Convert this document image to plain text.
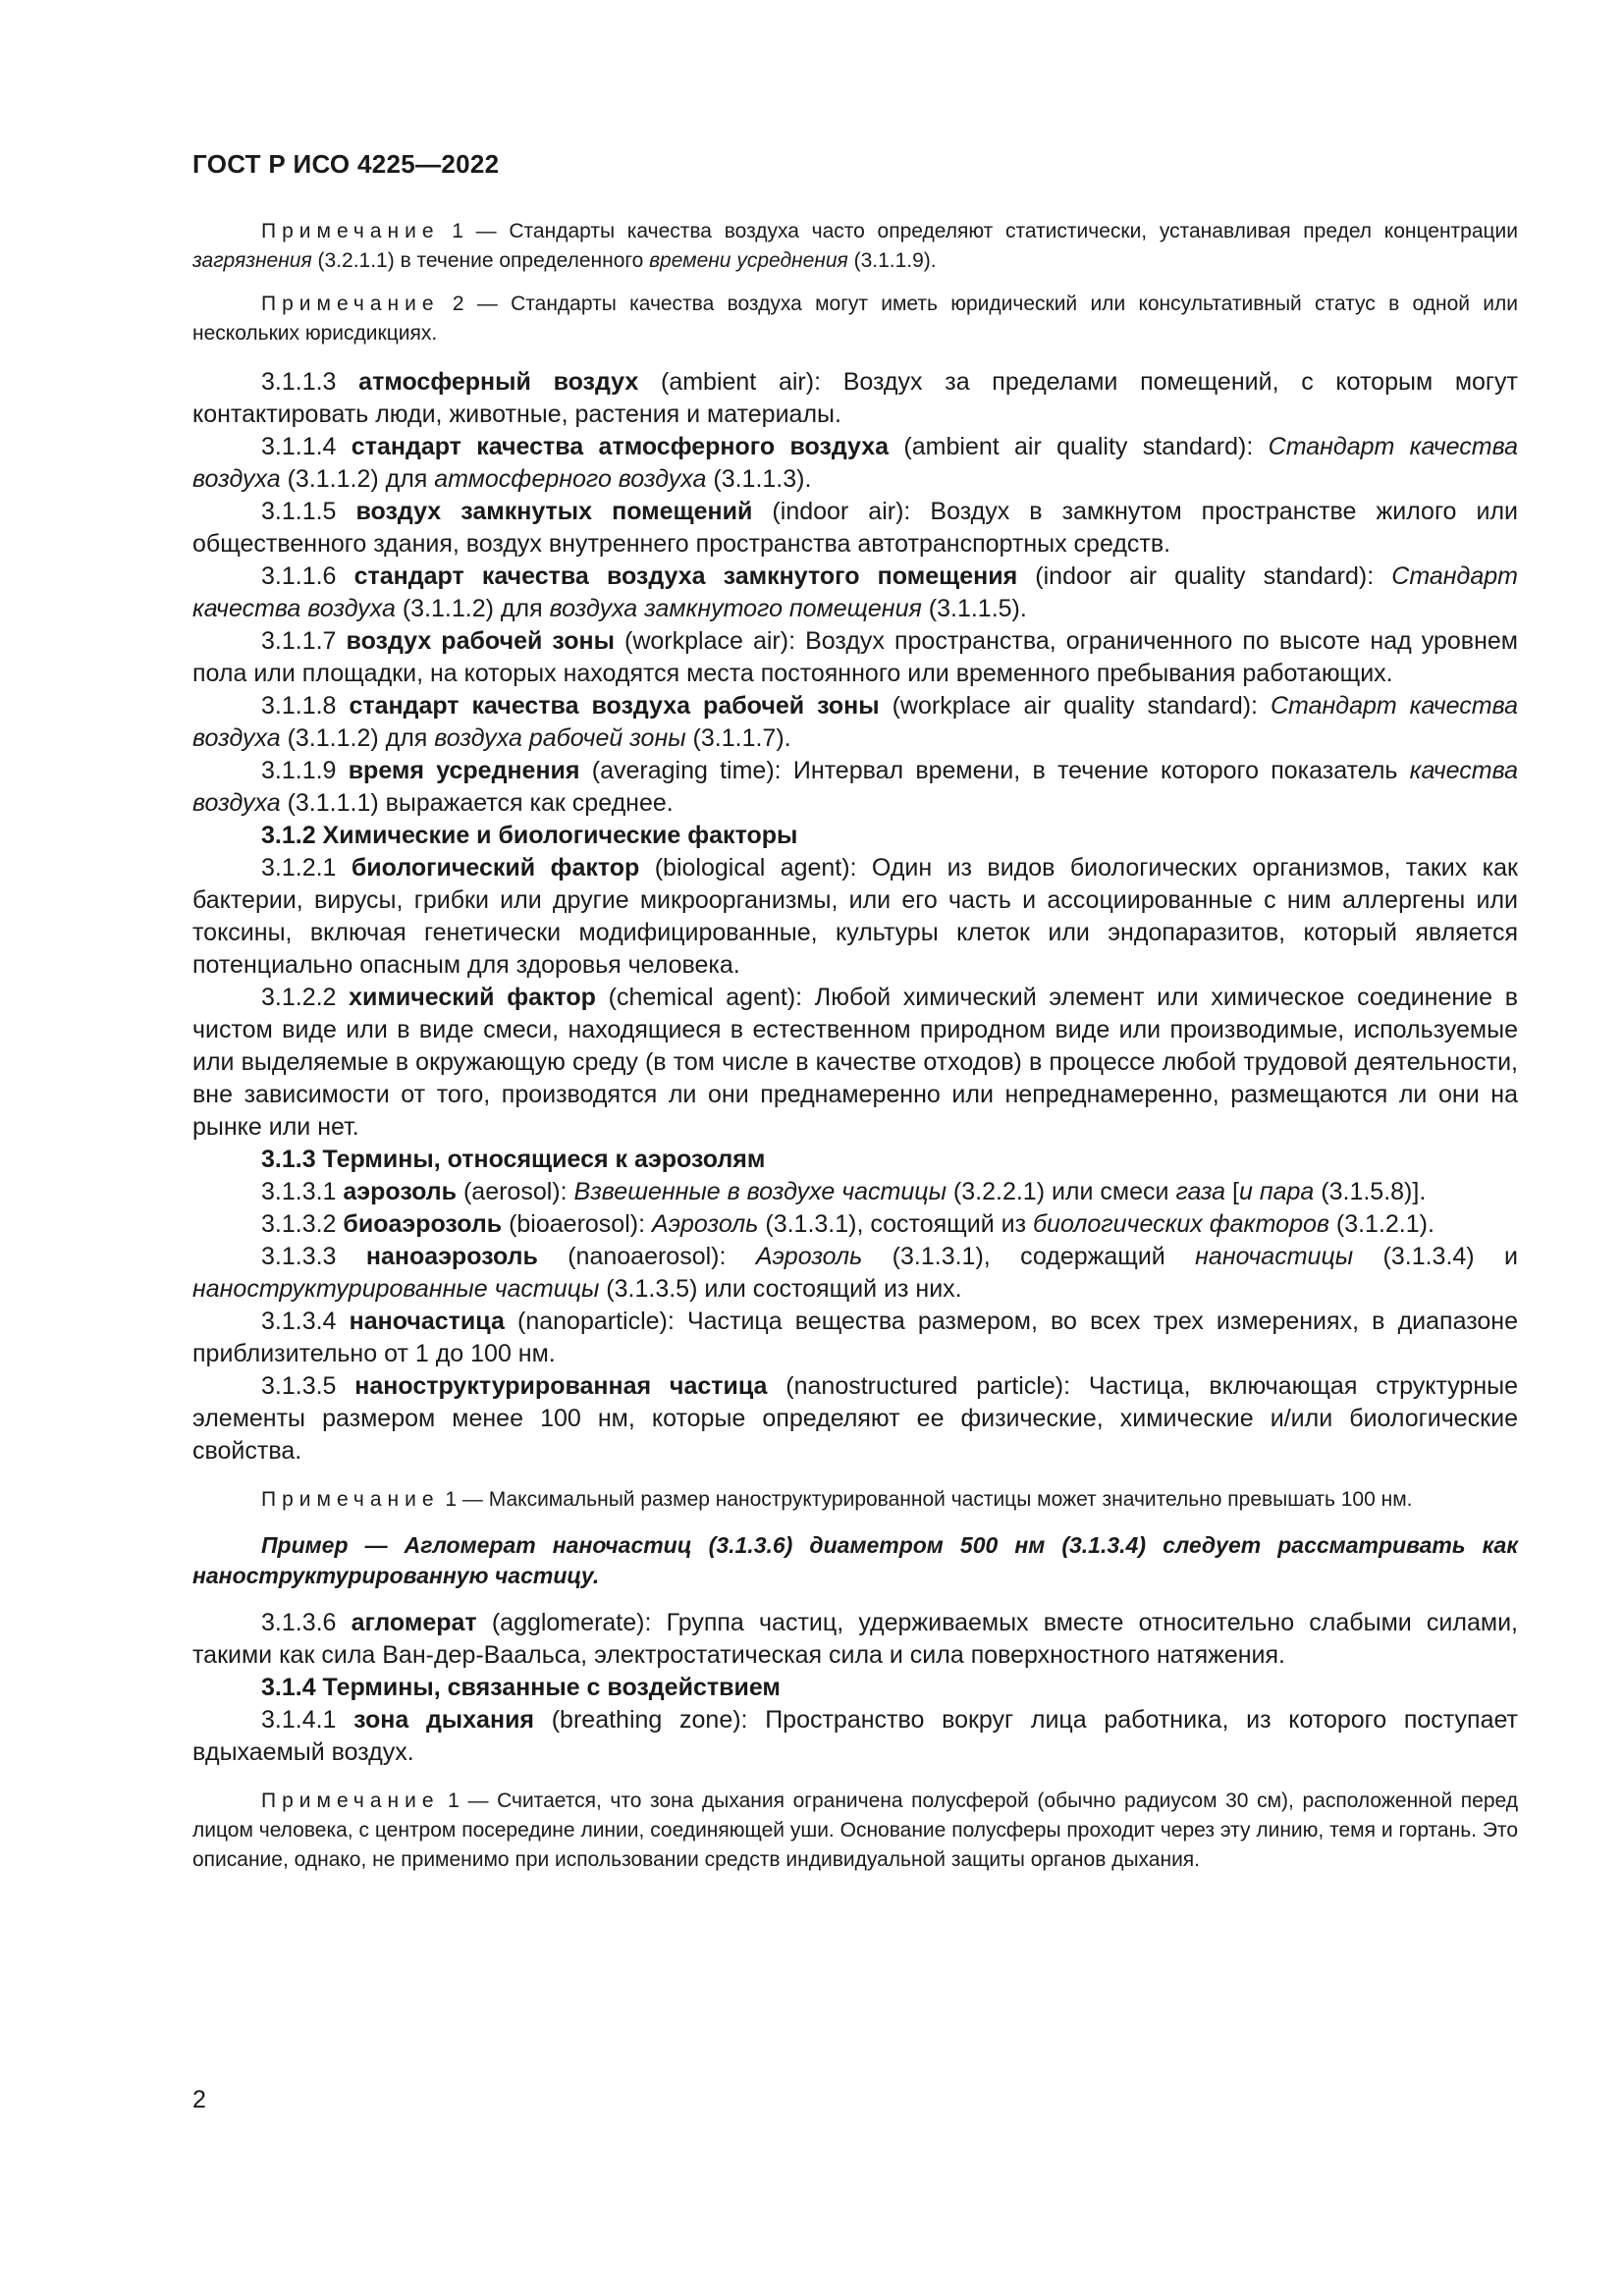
ГОСТ Р ИСО 4225—2022

Примечание 1 — Стандарты качества воздуха часто определяют статистически, устанавливая предел концентрации загрязнения (3.2.1.1) в течение определенного времени усреднения (3.1.1.9).

Примечание 2 — Стандарты качества воздуха могут иметь юридический или консультативный статус в одной или нескольких юрисдикциях.

3.1.1.3 атмосферный воздух (ambient air): Воздух за пределами помещений, с которым могут контактировать люди, животные, растения и материалы.

3.1.1.4 стандарт качества атмосферного воздуха (ambient air quality standard): Стандарт качества воздуха (3.1.1.2) для атмосферного воздуха (3.1.1.3).

3.1.1.5 воздух замкнутых помещений (indoor air): Воздух в замкнутом пространстве жилого или общественного здания, воздух внутреннего пространства автотранспортных средств.

3.1.1.6 стандарт качества воздуха замкнутого помещения (indoor air quality standard): Стандарт качества воздуха (3.1.1.2) для воздуха замкнутого помещения (3.1.1.5).

3.1.1.7 воздух рабочей зоны (workplace air): Воздух пространства, ограниченного по высоте над уровнем пола или площадки, на которых находятся места постоянного или временного пребывания работающих.

3.1.1.8 стандарт качества воздуха рабочей зоны (workplace air quality standard): Стандарт качества воздуха (3.1.1.2) для воздуха рабочей зоны (3.1.1.7).

3.1.1.9 время усреднения (averaging time): Интервал времени, в течение которого показатель качества воздуха (3.1.1.1) выражается как среднее.

3.1.2 Химические и биологические факторы

3.1.2.1 биологический фактор (biological agent): Один из видов биологических организмов, таких как бактерии, вирусы, грибки или другие микроорганизмы, или его часть и ассоциированные с ним аллергены или токсины, включая генетически модифицированные, культуры клеток или эндопаразитов, который является потенциально опасным для здоровья человека.

3.1.2.2 химический фактор (chemical agent): Любой химический элемент или химическое соединение в чистом виде или в виде смеси, находящиеся в естественном природном виде или производимые, используемые или выделяемые в окружающую среду (в том числе в качестве отходов) в процессе любой трудовой деятельности, вне зависимости от того, производятся ли они преднамеренно или непреднамеренно, размещаются ли они на рынке или нет.

3.1.3 Термины, относящиеся к аэрозолям

3.1.3.1 аэрозоль (aerosol): Взвешенные в воздухе частицы (3.2.2.1) или смеси газа [и пара (3.1.5.8)].

3.1.3.2 биоаэрозоль (bioaerosol): Аэрозоль (3.1.3.1), состоящий из биологических факторов (3.1.2.1).

3.1.3.3 наноаэрозоль (nanoaerosol): Аэрозоль (3.1.3.1), содержащий наночастицы (3.1.3.4) и наноструктурированные частицы (3.1.3.5) или состоящий из них.

3.1.3.4 наночастица (nanoparticle): Частица вещества размером, во всех трех измерениях, в диапазоне приблизительно от 1 до 100 нм.

3.1.3.5 наноструктурированная частица (nanostructured particle): Частица, включающая структурные элементы размером менее 100 нм, которые определяют ее физические, химические и/или биологические свойства.

Примечание 1 — Максимальный размер наноструктурированной частицы может значительно превышать 100 нм.

Пример — Агломерат наночастиц (3.1.3.6) диаметром 500 нм (3.1.3.4) следует рассматривать как наноструктурированную частицу.

3.1.3.6 агломерат (agglomerate): Группа частиц, удерживаемых вместе относительно слабыми силами, такими как сила Ван-дер-Ваальса, электростатическая сила и сила поверхностного натяжения.

3.1.4 Термины, связанные с воздействием

3.1.4.1 зона дыхания (breathing zone): Пространство вокруг лица работника, из которого поступает вдыхаемый воздух.

Примечание 1 — Считается, что зона дыхания ограничена полусферой (обычно радиусом 30 см), расположенной перед лицом человека, с центром посередине линии, соединяющей уши. Основание полусферы проходит через эту линию, темя и гортань. Это описание, однако, не применимо при использовании средств индивидуальной защиты органов дыхания.

2
